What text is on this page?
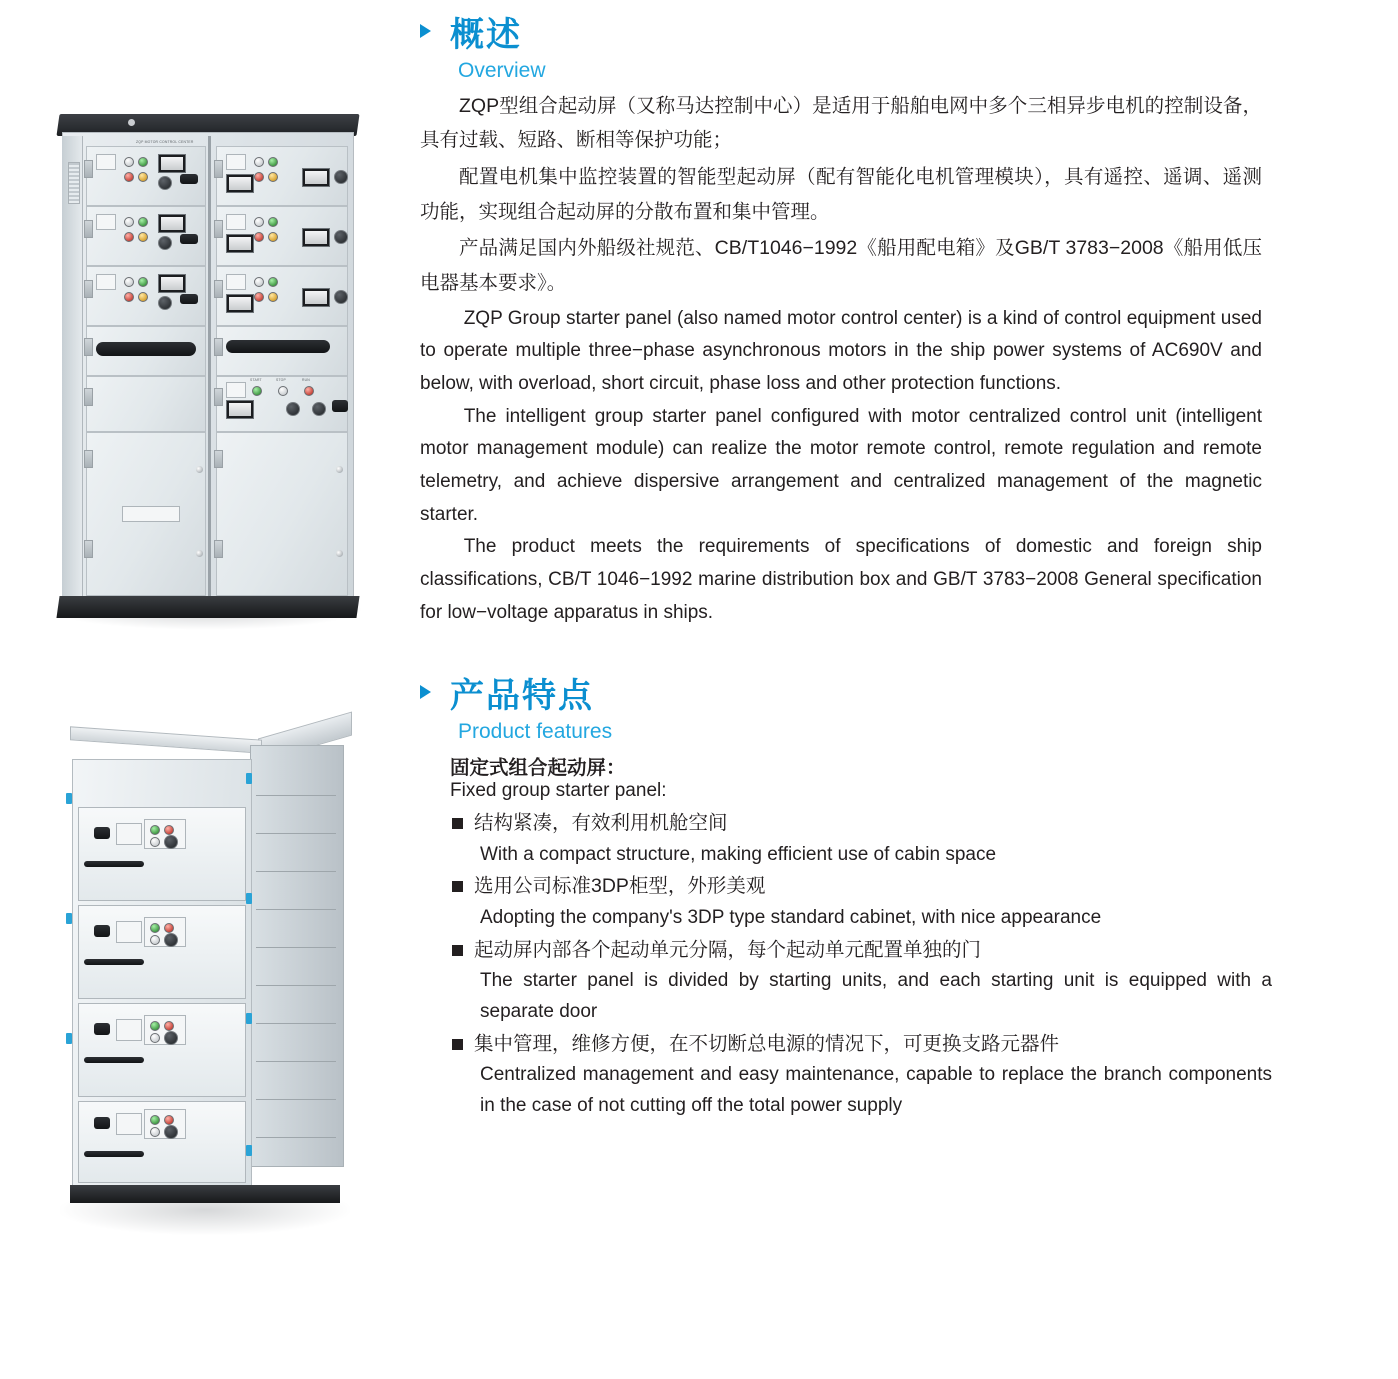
ZQP MOTOR CONTROL CENTER
START	STOP	RUN
概述
Overview

ZQP型组合起动屏（又称马达控制中心）是适用于船舶电网中多个三相异步电机的控制设备，具有过载、短路、断相等保护功能；

配置电机集中监控装置的智能型起动屏（配有智能化电机管理模块），具有遥控、遥调、遥测功能，实现组合起动屏的分散布置和集中管理。

产品满足国内外船级社规范、CB/T1046−1992《船用配电箱》及GB/T 3783−2008《船用低压电器基本要求》。

ZQP Group starter panel (also named motor control center) is a kind of control equipment used to operate multiple three−phase asynchronous motors in the ship power systems of AC690V and below, with overload, short circuit, phase loss and other protection functions.

The intelligent group starter panel configured with motor centralized control unit (intelligent motor management module) can realize the motor remote control, remote regulation and remote telemetry, and achieve dispersive arrangement and centralized management of the magnetic starter.

The product meets the requirements of specifications of domestic and foreign ship classifications, CB/T 1046−1992 marine distribution box and GB/T 3783−2008 General specification for low−voltage apparatus in ships.

产品特点
Product features
固定式组合起动屏：
Fixed group starter panel:
结构紧凑，有效利用机舱空间
With a compact structure, making efficient use of cabin space
选用公司标准3DP柜型，外形美观
Adopting the company's 3DP type standard cabinet, with nice appearance
起动屏内部各个起动单元分隔，每个起动单元配置单独的门
The starter panel is divided by starting units, and each starting unit is equipped with a separate door
集中管理，维修方便，在不切断总电源的情况下，可更换支路元器件
Centralized management and easy maintenance, capable to replace the branch components in the case of not cutting off the total power supply
